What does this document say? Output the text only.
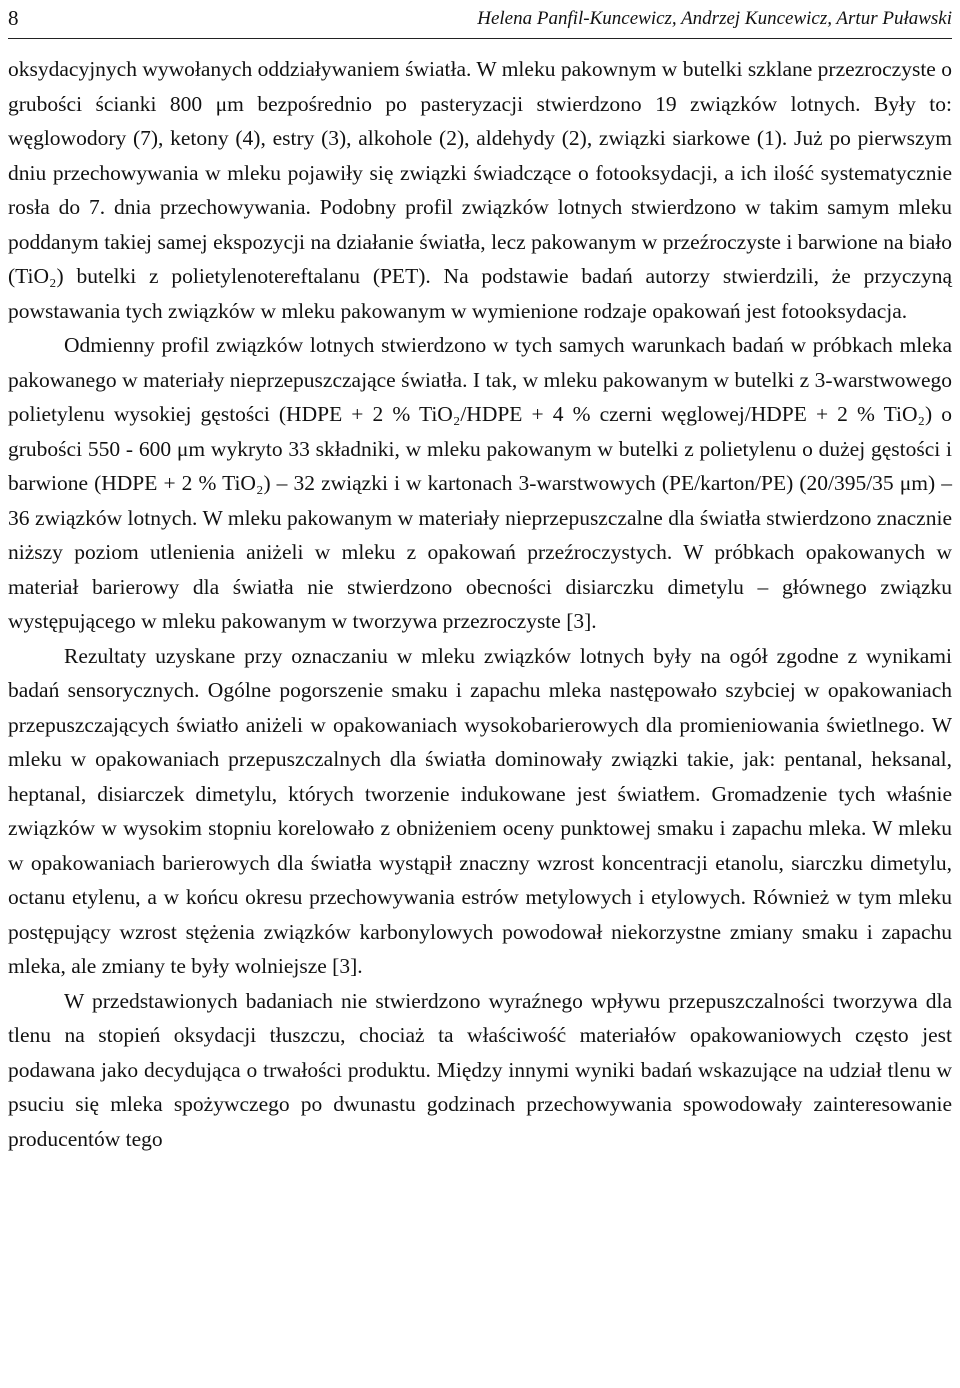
8	Helena Panfil-Kuncewicz, Andrzej Kuncewicz, Artur Puławski

oksydacyjnych wywołanych oddziaływaniem światła. W mleku pakownym w butelki szklane przezroczyste o grubości ścianki 800 μm bezpośrednio po pasteryzacji stwierdzono 19 związków lotnych. Były to: węglowodory (7), ketony (4), estry (3), alkohole (2), aldehydy (2), związki siarkowe (1). Już po pierwszym dniu przechowywania w mleku pojawiły się związki świadczące o fotooksydacji, a ich ilość systematycznie rosła do 7. dnia przechowywania. Podobny profil związków lotnych stwierdzono w takim samym mleku poddanym takiej samej ekspozycji na działanie światła, lecz pakowanym w przeźroczyste i barwione na biało (TiO₂) butelki z polietylenotereftalanu (PET). Na podstawie badań autorzy stwierdzili, że przyczyną powstawania tych związków w mleku pakowanym w wymienione rodzaje opakowań jest fotooksydacja.

Odmienny profil związków lotnych stwierdzono w tych samych warunkach badań w próbkach mleka pakowanego w materiały nieprzepuszczające światła. I tak, w mleku pakowanym w butelki z 3-warstwowego polietylenu wysokiej gęstości (HDPE + 2 % TiO₂/HDPE + 4 % czerni węglowej/HDPE + 2 % TiO₂) o grubości 550 - 600 μm wykryto 33 składniki, w mleku pakowanym w butelki z polietylenu o dużej gęstości i barwione (HDPE + 2 % TiO₂) – 32 związki i w kartonach 3-warstwowych (PE/karton/PE) (20/395/35 μm) – 36 związków lotnych. W mleku pakowanym w materiały nieprzepuszczalne dla światła stwierdzono znacznie niższy poziom utlenienia aniżeli w mleku z opakowań przeźroczystych. W próbkach opakowanych w materiał barierowy dla światła nie stwierdzono obecności disiarczku dimetylu – głównego związku występującego w mleku pakowanym w tworzywa przezroczyste [3].

Rezultaty uzyskane przy oznaczaniu w mleku związków lotnych były na ogół zgodne z wynikami badań sensorycznych. Ogólne pogorszenie smaku i zapachu mleka następowało szybciej w opakowaniach przepuszczających światło aniżeli w opakowaniach wysokobarierowych dla promieniowania świetlnego. W mleku w opakowaniach przepuszczalnych dla światła dominowały związki takie, jak: pentanal, heksanal, heptanal, disiarczek dimetylu, których tworzenie indukowane jest światłem. Gromadzenie tych właśnie związków w wysokim stopniu korelowało z obniżeniem oceny punktowej smaku i zapachu mleka. W mleku w opakowaniach barierowych dla światła wystąpił znaczny wzrost koncentracji etanolu, siarczku dimetylu, octanu etylenu, a w końcu okresu przechowywania estrów metylowych i etylowych. Również w tym mleku postępujący wzrost stężenia związków karbonylowych powodował niekorzystne zmiany smaku i zapachu mleka, ale zmiany te były wolniejsze [3].

W przedstawionych badaniach nie stwierdzono wyraźnego wpływu przepuszczalności tworzywa dla tlenu na stopień oksydacji tłuszczu, chociaż ta właściwość materiałów opakowaniowych często jest podawana jako decydująca o trwałości produktu. Między innymi wyniki badań wskazujące na udział tlenu w psuciu się mleka spożywczego po dwunastu godzinach przechowywania spowodowały zainteresowanie producentów tego
